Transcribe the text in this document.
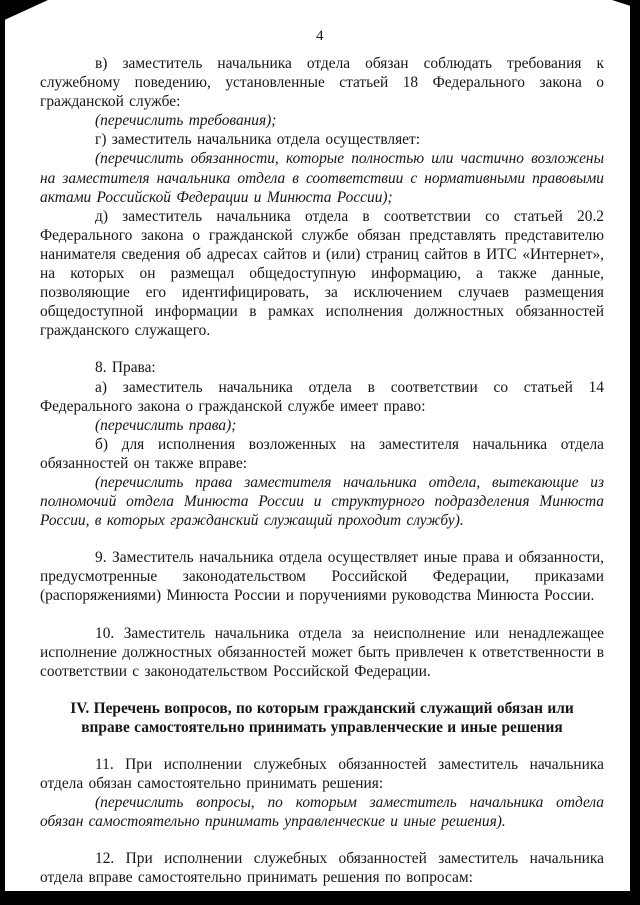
4

в) заместитель начальника отдела обязан соблюдать требования к служебному поведению, установленные статьей 18 Федерального закона о гражданской службе:

(перечислить требования);

г) заместитель начальника отдела осуществляет:

(перечислить обязанности, которые полностью или частично возложены на заместителя начальника отдела в соответствии с нормативными правовыми актами Российской Федерации и Минюста России);

д) заместитель начальника отдела в соответствии со статьей 20.2 Федерального закона о гражданской службе обязан представлять представителю нанимателя сведения об адресах сайтов и (или) страниц сайтов в ИТС «Интернет», на которых он размещал общедоступную информацию, а также данные, позволяющие его идентифицировать, за исключением случаев размещения общедоступной информации в рамках исполнения должностных обязанностей гражданского служащего.

8. Права:

а) заместитель начальника отдела в соответствии со статьей 14 Федерального закона о гражданской службе имеет право:

(перечислить права);

б) для исполнения возложенных на заместителя начальника отдела обязанностей он также вправе:

(перечислить права заместителя начальника отдела, вытекающие из полномочий отдела Минюста России и структурного подразделения Минюста России, в которых гражданский служащий проходит службу).

9. Заместитель начальника отдела осуществляет иные права и обязанности, предусмотренные законодательством Российской Федерации, приказами (распоряжениями) Минюста России и поручениями руководства Минюста России.

10. Заместитель начальника отдела за неисполнение или ненадлежащее исполнение должностных обязанностей может быть привлечен к ответственности в соответствии с законодательством Российской Федерации.

IV. Перечень вопросов, по которым гражданский служащий обязан или вправе самостоятельно принимать управленческие и иные решения

11. При исполнении служебных обязанностей заместитель начальника отдела обязан самостоятельно принимать решения:

(перечислить вопросы, по которым заместитель начальника отдела обязан самостоятельно принимать управленческие и иные решения).

12. При исполнении служебных обязанностей заместитель начальника отдела вправе самостоятельно принимать решения по вопросам:
